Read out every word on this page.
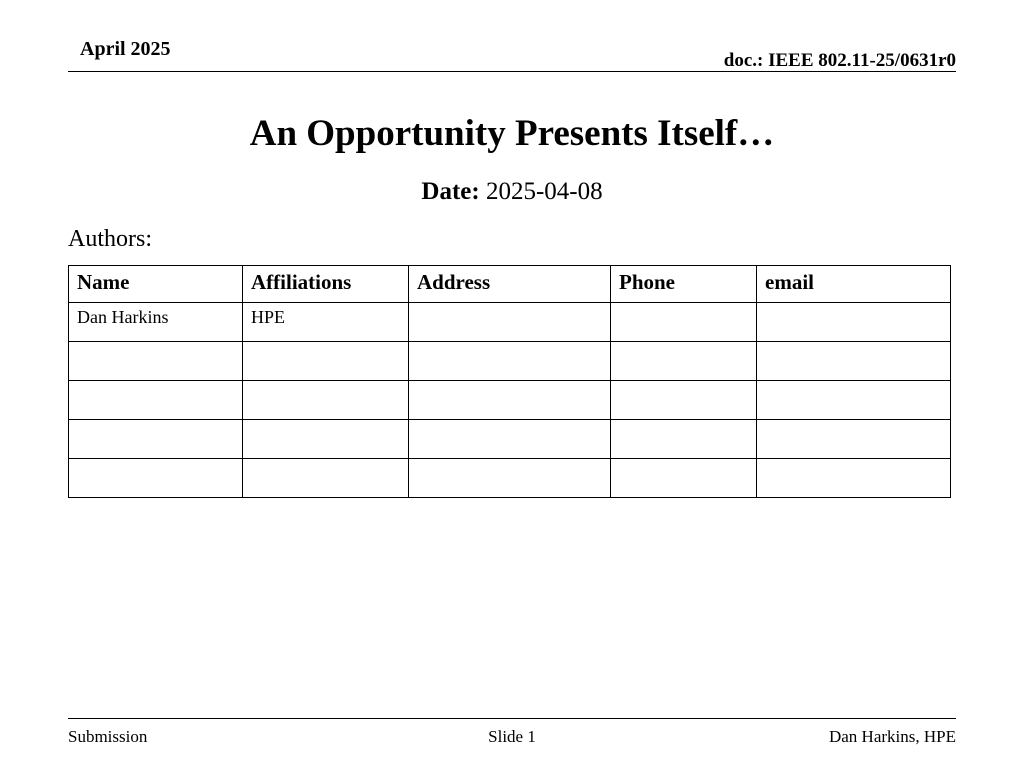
April 2025
doc.: IEEE 802.11-25/0631r0
An Opportunity Presents Itself…
Date: 2025-04-08
Authors:
Name	Affiliations	Address	Phone	email
Dan Harkins	HPE			

Submission	Slide 1	Dan Harkins, HPE
